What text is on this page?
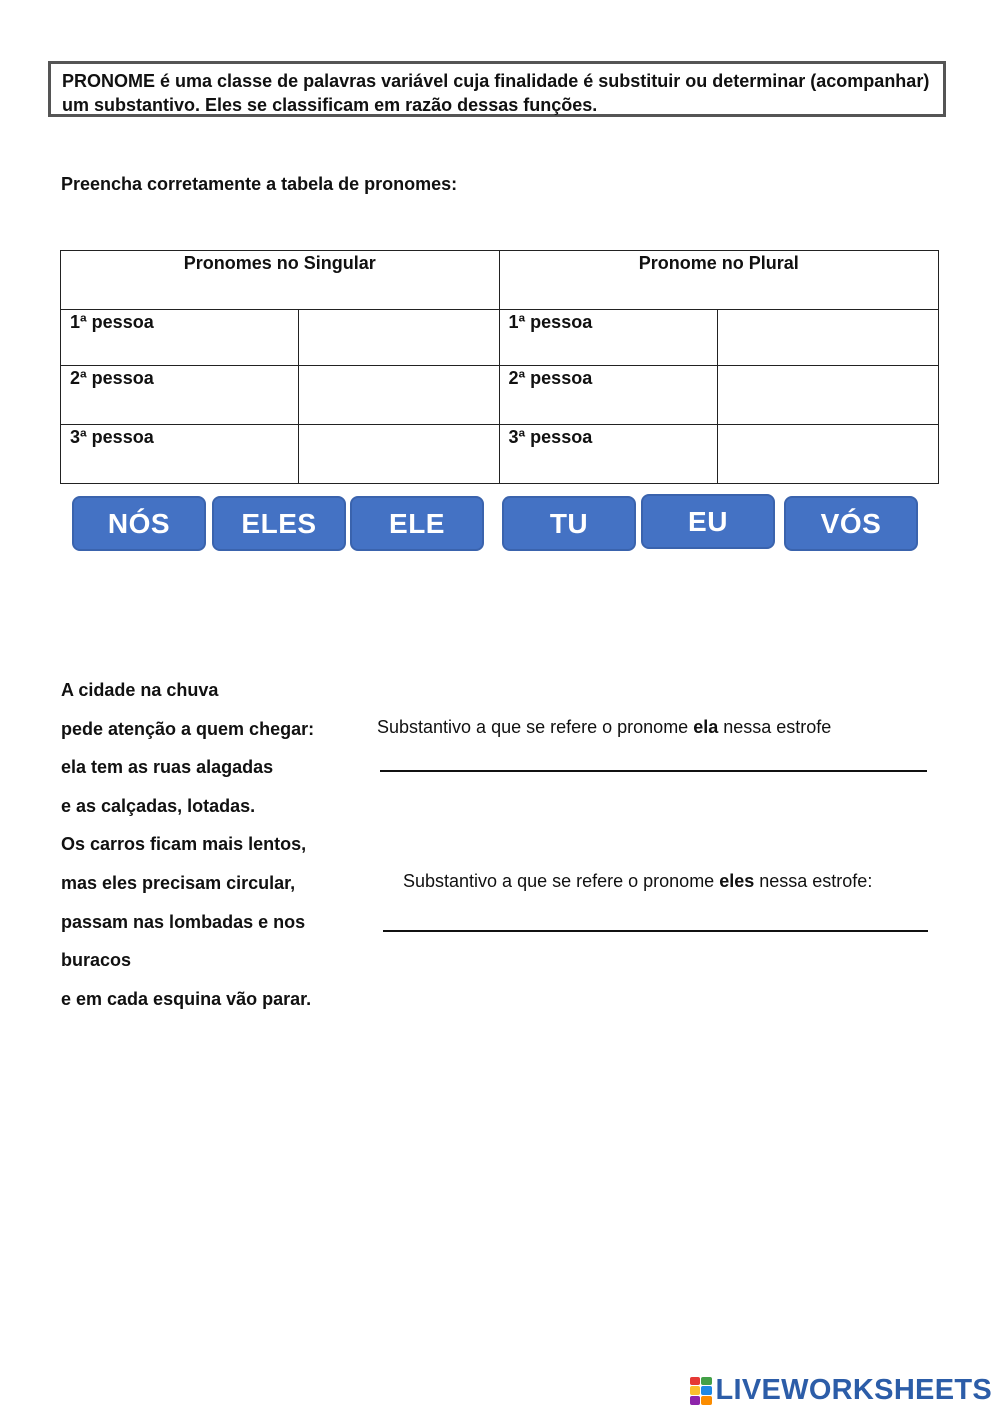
PRONOME é uma classe de palavras variável cuja finalidade é substituir ou determinar (acompanhar) um substantivo. Eles se classificam em razão dessas funções.
Preencha corretamente a tabela de pronomes:
Pronomes no Singular		Pronome no Plural	
1ª pessoa		1ª pessoa	
2ª pessoa		2ª pessoa	
3ª pessoa		3ª pessoa	
NÓS	ELES	ELE	TU	EU	VÓS
A cidade na chuva
pede atenção a quem chegar:
ela tem as ruas alagadas
e as calçadas, lotadas.
Os carros ficam mais lentos,
mas eles precisam circular,
passam nas lombadas e nos
buracos
e em cada esquina vão parar.
Substantivo a que se refere o pronome ela nessa estrofe
Substantivo a que se refere o pronome eles nessa estrofe:
LIVEWORKSHEETS
